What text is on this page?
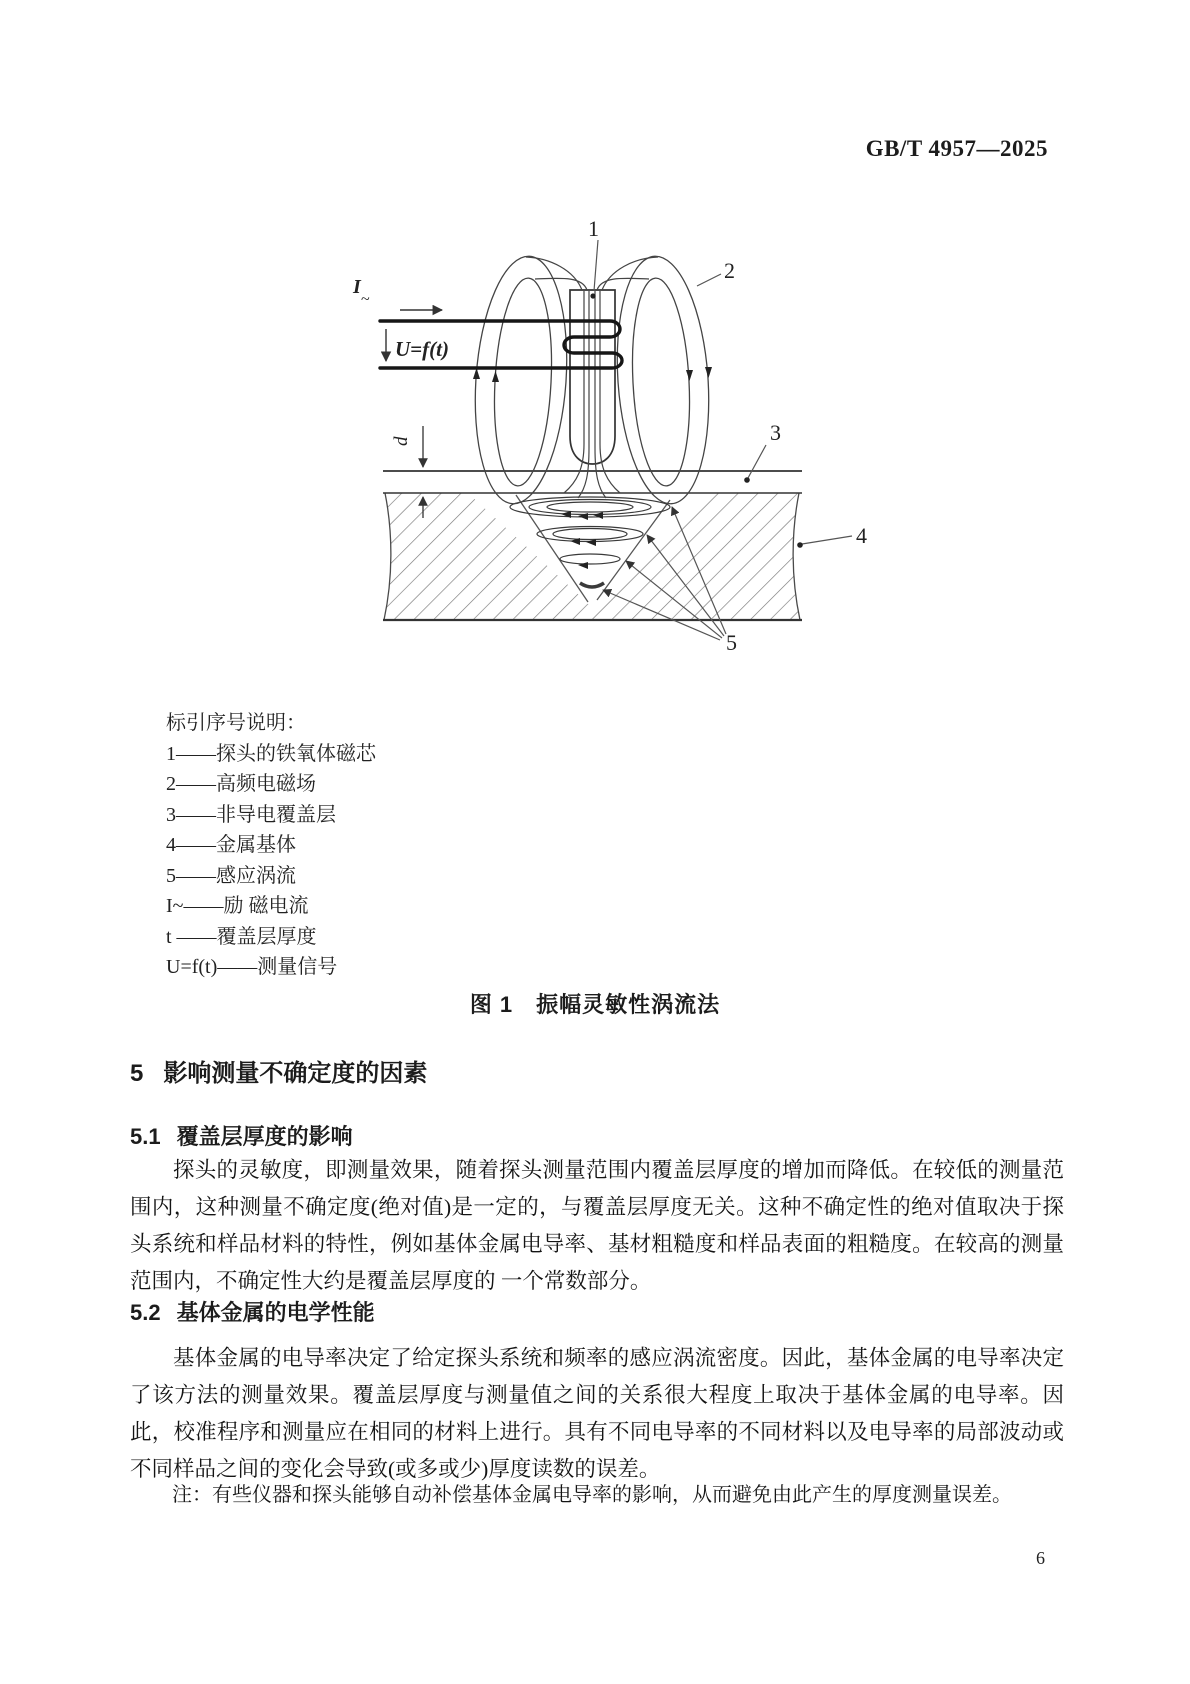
GB/T 4957—2025
d
I
~
U=f(t)
1
2
3
4
5
标引序号说明：
1——探头的铁氧体磁芯
2——高频电磁场
3——非导电覆盖层
4——金属基体
5——感应涡流
I~——励 磁电流
t ——覆盖层厚度
U=f(t)——测量信号
图 1　振幅灵敏性涡流法
5 影响测量不确定度的因素
5.1 覆盖层厚度的影响
探头的灵敏度，即测量效果，随着探头测量范围内覆盖层厚度的增加而降低。在较低的测量范围内，这种测量不确定度(绝对值)是一定的，与覆盖层厚度无关。这种不确定性的绝对值取决于探头系统和样品材料的特性，例如基体金属电导率、基材粗糙度和样品表面的粗糙度。在较高的测量范围内，不确定性大约是覆盖层厚度的 一个常数部分。
5.2 基体金属的电学性能
基体金属的电导率决定了给定探头系统和频率的感应涡流密度。因此，基体金属的电导率决定了该方法的测量效果。覆盖层厚度与测量值之间的关系很大程度上取决于基体金属的电导率。因此，校准程序和测量应在相同的材料上进行。具有不同电导率的不同材料以及电导率的局部波动或不同样品之间的变化会导致(或多或少)厚度读数的误差。
注：有些仪器和探头能够自动补偿基体金属电导率的影响，从而避免由此产生的厚度测量误差。
6
